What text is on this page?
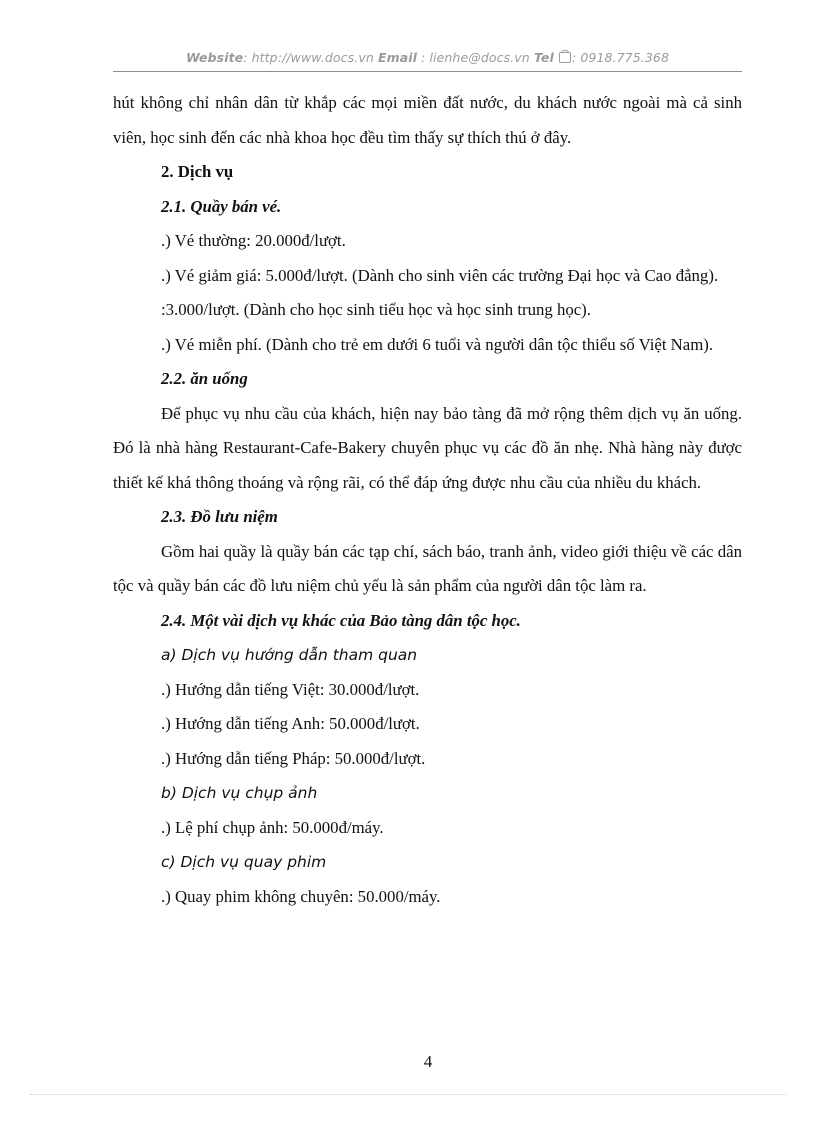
Website: http://www.docs.vn Email : lienhe@docs.vn Tel : 0918.775.368

hút không chỉ nhân dân từ khắp các mọi miền đất nước, du khách nước ngoài mà cả sinh viên, học sinh đến các nhà khoa học đều tìm thấy sự thích thú ở đây.

2. Dịch vụ

2.1. Quầy bán vé.

.) Vé thường: 20.000đ/lượt.

.) Vé giảm giá: 5.000đ/lượt. (Dành cho sinh viên các trường Đại học và Cao đẳng).

:3.000/lượt. (Dành cho học sinh tiểu học và học sinh trung học).

.) Vé miễn phí. (Dành cho trẻ em dưới 6 tuổi và người dân tộc thiểu số Việt Nam).

2.2. ăn uống

Để phục vụ nhu cầu của khách, hiện nay bảo tàng đã mở rộng thêm dịch vụ ăn uống. Đó là nhà hàng Restaurant-Cafe-Bakery chuyên phục vụ các đồ ăn nhẹ. Nhà hàng này được thiết kế khá thông thoáng và rộng rãi, có thể đáp ứng được nhu cầu của nhiều du khách.

2.3. Đồ lưu niệm

Gồm hai quầy là quầy bán các tạp chí, sách báo, tranh ảnh, video giới thiệu về các dân tộc và quầy bán các đồ lưu niệm chủ yếu là sản phẩm của người dân tộc làm ra.

2.4. Một vài dịch vụ khác của Bảo tàng dân tộc học.

a) Dịch vụ hướng dẫn tham quan

.) Hướng dẫn tiếng Việt: 30.000đ/lượt.

.) Hướng dẫn tiếng Anh: 50.000đ/lượt.

.) Hướng dẫn tiếng Pháp: 50.000đ/lượt.

b) Dịch vụ chụp ảnh

.) Lệ phí chụp ảnh: 50.000đ/máy.

c) Dịch vụ quay phim

.) Quay phim không chuyên: 50.000/máy.

4
